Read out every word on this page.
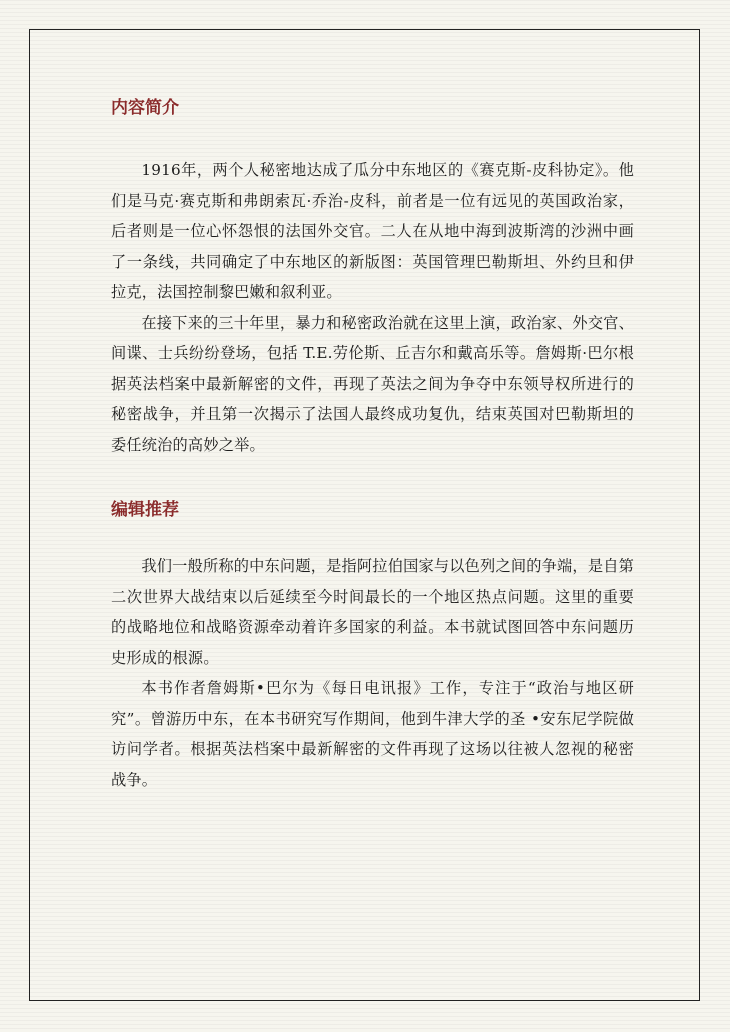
内容简介

1916年，两个人秘密地达成了瓜分中东地区的《赛克斯-皮科协定》。他们是马克·赛克斯和弗朗索瓦·乔治-皮科，前者是一位有远见的英国政治家，后者则是一位心怀怨恨的法国外交官。二人在从地中海到波斯湾的沙洲中画了一条线，共同确定了中东地区的新版图：英国管理巴勒斯坦、外约旦和伊拉克，法国控制黎巴嫩和叙利亚。

在接下来的三十年里，暴力和秘密政治就在这里上演，政治家、外交官、间谍、士兵纷纷登场，包括 T.E.劳伦斯、丘吉尔和戴高乐等。詹姆斯·巴尔根据英法档案中最新解密的文件，再现了英法之间为争夺中东领导权所进行的秘密战争，并且第一次揭示了法国人最终成功复仇，结束英国对巴勒斯坦的委任统治的高妙之举。

编辑推荐

我们一般所称的中东问题，是指阿拉伯国家与以色列之间的争端，是自第二次世界大战结束以后延续至今时间最长的一个地区热点问题。这里的重要的战略地位和战略资源牵动着许多国家的利益。本书就试图回答中东问题历史形成的根源。

本书作者詹姆斯•巴尔为《每日电讯报》工作，专注于“政治与地区研究”。曾游历中东，在本书研究写作期间，他到牛津大学的圣 •安东尼学院做访问学者。根据英法档案中最新解密的文件再现了这场以往被人忽视的秘密战争。
